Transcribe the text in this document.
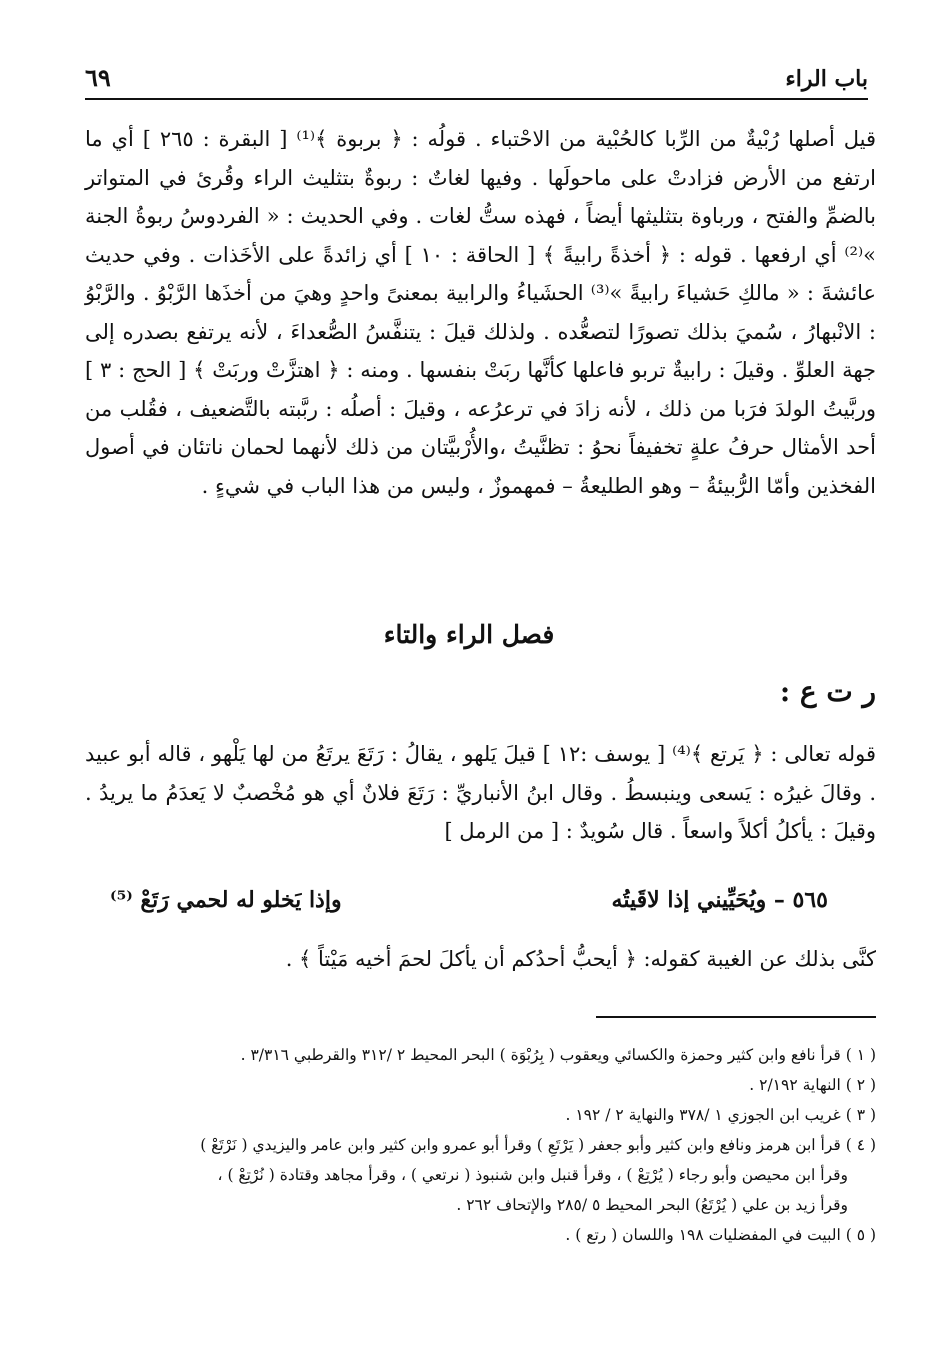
باب الراء
٦٩

قيل أصلها رُبْيةٌ من الرِّبا كالحُبْية من الاحْتباء . قولُه : ﴿ بربوة ﴾⁽¹⁾ [ البقرة : ٢٦٥ ] أي ما ارتفع من الأرض فزادتْ على ماحولَها . وفيها لغاتٌ : ربوةٌ بتثليث الراء وقُرئ في المتواتر بالضمِّ والفتح ، ورباوة بتثليثها أيضاً ، فهذه ستُّ لغات . وفي الحديث : « الفردوسُ ربوةُ الجنة »⁽²⁾ أي ارفعها . قوله : ﴿ أخذةً رابيةً ﴾ [ الحاقة : ١٠ ] أي زائدةً على الأخَذات . وفي حديث عائشةَ : « مالكِ حَشياءَ رابيةً »⁽³⁾ الحشَياءُ والرابية بمعنىً واحدٍ وهيَ من أخذَها الرَّبْوُ . والرَّبْوُ : الانْبهارُ ، سُميَ بذلك تصورًا لتصعُّده . ولذلك قيلَ : يتنفَّسُ الصُّعداءَ ، لأنه يرتفع بصدره إلى جهة العلوِّ . وقيلَ : رابيةٌ تربو فاعلها كأنَّها ربَتْ بنفسها . ومنه : ﴿ اهتزَّتْ وربَتْ ﴾ [ الحج : ٣ ] وربَّيتُ الولدَ فرَبا من ذلك ، لأنه زادَ في ترعرُعه ، وقيلَ : أصلُه : ربَّبته بالتَّضعيف ، فقُلب من أحد الأمثال حرفُ علةٍ تخفيفاً نحوُ : تظنَّيتُ ،والأُرْبيَّتان من ذلك لأنهما لحمان ناتئان في أصول الفخذين وأمّا الرُّبيئةُ – وهو الطليعةُ – فمهموزٌ ، وليس من هذا الباب في شيءٍ .

فصل الراء والتاء
ر ت ع :

قوله تعالى : ﴿ يَرتع ﴾⁽⁴⁾ [ يوسف :١٢ ] قيلَ يَلهو ، يقالُ : رَتَعَ يرتَعُ من لها يَلْهو ، قاله أبو عبيد . وقالَ غيرُه : يَسعى وينبسطُ . وقال ابنُ الأنباريِّ : رَتَعَ فلانٌ أي هو مُخْصبٌ لا يَعدَمُ ما يريدُ . وقيلَ : يأكلُ أكلاً واسعاً . قال سُويدٌ : [ من الرمل ]

٥٦٥ – ويُحَيِّيني إذا لاقَيتُه
وإذا يَخلو له لحمي رَتَعْ ⁽⁵⁾
كنَّى بذلك عن الغيبة كقوله: ﴿ أيحبُّ أحدُكم أن يأكلَ لحمَ أخيه مَيْتاً ﴾ .
( ١ ) قرأ نافع وابن كثير وحمزة والكسائي ويعقوب ( بِرُبْوَة ) البحر المحيط ٢ /٣١٢ والقرطبي ٣/٣١٦ .
( ٢ ) النهاية ٢/١٩٢ .
( ٣ ) غريب ابن الجوزي ١ /٣٧٨ والنهاية ٢ / ١٩٢ .
( ٤ ) قرأ ابن هرمز ونافع وابن كثير وأبو جعفر ( يَرْتَعِ ) وقرأ أبو عمرو وابن كثير وابن عامر واليزيدي ( نَرْتَعْ )
وقرأ ابن محيصن وأبو رجاء ( يُرْتِعْ ) ، وقرأ قنبل وابن شنبوذ ( نرتعي ) ، وقرأ مجاهد وقتادة ( نُرْتِعْ ) ،
وقرأ زيد بن علي ( يُرْتَعُ) البحر المحيط ٥ /٢٨٥ والإتحاف ٢٦٢ .
( ٥ ) البيت في المفضليات ١٩٨ واللسان ( رتع ) .
